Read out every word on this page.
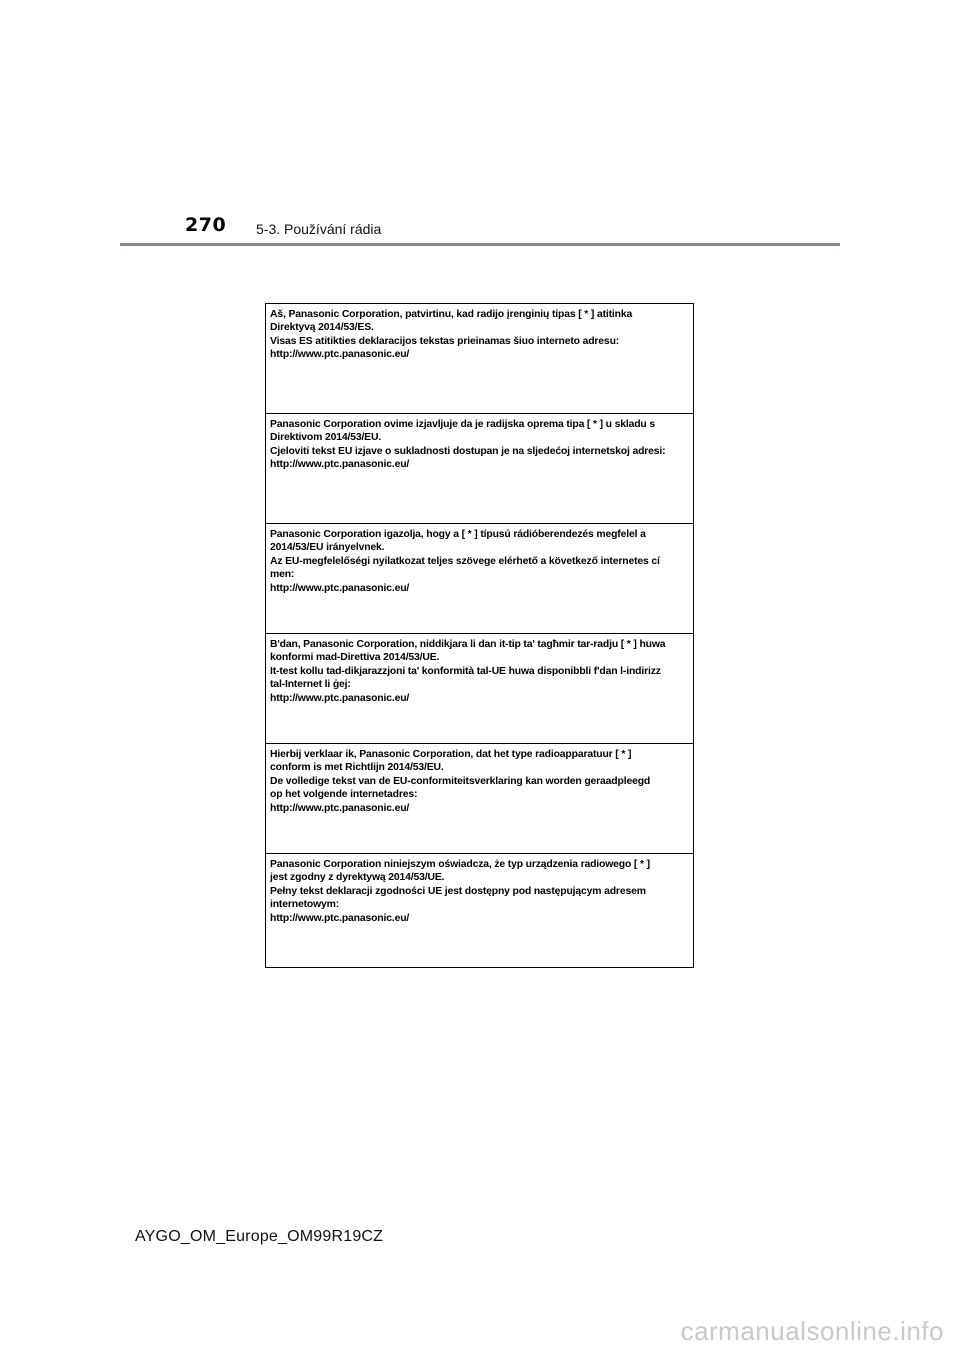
270 5-3. Používání rádia
Aš, Panasonic Corporation, patvirtinu, kad radijo įrenginių tipas [ * ] atitinka
Direktyvą 2014/53/ES.
Visas ES atitikties deklaracijos tekstas prieinamas šiuo interneto adresu:
http://www.ptc.panasonic.eu/
Panasonic Corporation ovime izjavljuje da je radijska oprema tipa [ * ] u skladu s
Direktivom 2014/53/EU.
Cjeloviti tekst EU izjave o sukladnosti dostupan je na sljedećoj internetskoj adresi:
http://www.ptc.panasonic.eu/
Panasonic Corporation igazolja, hogy a [ * ] típusú rádióberendezés megfelel a
2014/53/EU irányelvnek.
Az EU-megfelelőségi nyilatkozat teljes szövege elérhető a következő internetes cí
men:
http://www.ptc.panasonic.eu/
B'dan, Panasonic Corporation, niddikjara li dan it-tip ta' tagħmir tar-radju [ * ] huwa
konformi mad-Direttiva 2014/53/UE.
It-test kollu tad-dikjarazzjoni ta' konformità tal-UE huwa disponibbli f'dan l-indirizz
tal-Internet li ġej:
http://www.ptc.panasonic.eu/
Hierbij verklaar ik, Panasonic Corporation, dat het type radioapparatuur [ * ]
conform is met Richtlijn 2014/53/EU.
De volledige tekst van de EU-conformiteitsverklaring kan worden geraadpleegd
op het volgende internetadres:
http://www.ptc.panasonic.eu/
Panasonic Corporation niniejszym oświadcza, że typ urządzenia radiowego [ * ]
jest zgodny z dyrektywą 2014/53/UE.
Pełny tekst deklaracji zgodności UE jest dostępny pod następującym adresem
internetowym:
http://www.ptc.panasonic.eu/
AYGO_OM_Europe_OM99R19CZ
carmanualsonline.info
